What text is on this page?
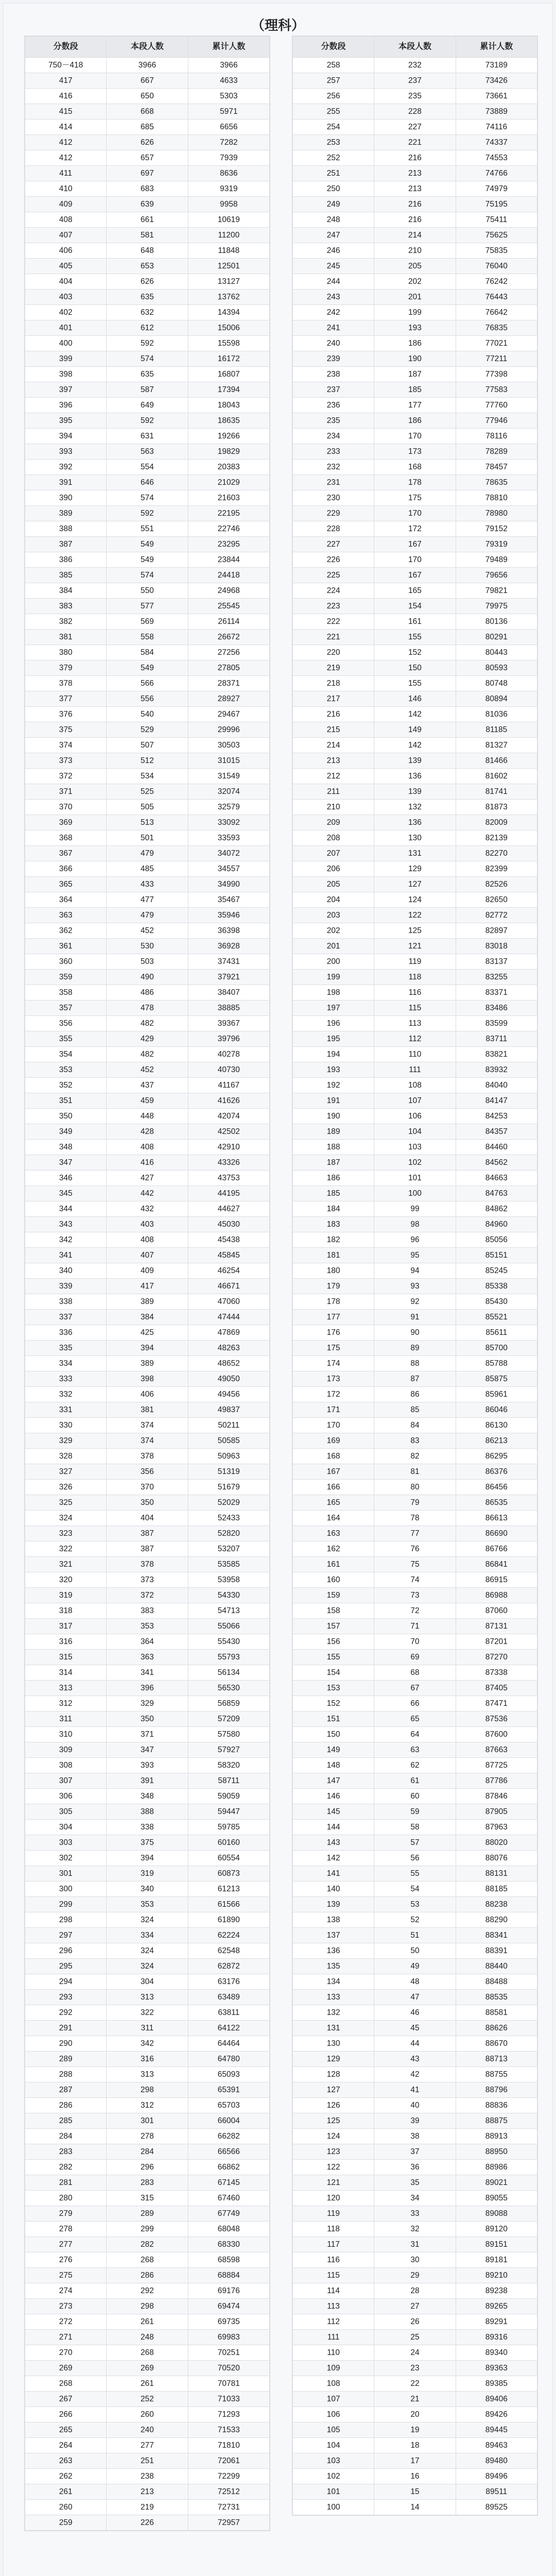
（理科）
分数段	本段人数	累计人数
750－418	3966	3966
417	667	4633
416	650	5303
415	668	5971
414	685	6656
412	626	7282
412	657	7939
411	697	8636
410	683	9319
409	639	9958
408	661	10619
407	581	11200
406	648	11848
405	653	12501
404	626	13127
403	635	13762
402	632	14394
401	612	15006
400	592	15598
399	574	16172
398	635	16807
397	587	17394
396	649	18043
395	592	18635
394	631	19266
393	563	19829
392	554	20383
391	646	21029
390	574	21603
389	592	22195
388	551	22746
387	549	23295
386	549	23844
385	574	24418
384	550	24968
383	577	25545
382	569	26114
381	558	26672
380	584	27256
379	549	27805
378	566	28371
377	556	28927
376	540	29467
375	529	29996
374	507	30503
373	512	31015
372	534	31549
371	525	32074
370	505	32579
369	513	33092
368	501	33593
367	479	34072
366	485	34557
365	433	34990
364	477	35467
363	479	35946
362	452	36398
361	530	36928
360	503	37431
359	490	37921
358	486	38407
357	478	38885
356	482	39367
355	429	39796
354	482	40278
353	452	40730
352	437	41167
351	459	41626
350	448	42074
349	428	42502
348	408	42910
347	416	43326
346	427	43753
345	442	44195
344	432	44627
343	403	45030
342	408	45438
341	407	45845
340	409	46254
339	417	46671
338	389	47060
337	384	47444
336	425	47869
335	394	48263
334	389	48652
333	398	49050
332	406	49456
331	381	49837
330	374	50211
329	374	50585
328	378	50963
327	356	51319
326	370	51679
325	350	52029
324	404	52433
323	387	52820
322	387	53207
321	378	53585
320	373	53958
319	372	54330
318	383	54713
317	353	55066
316	364	55430
315	363	55793
314	341	56134
313	396	56530
312	329	56859
311	350	57209
310	371	57580
309	347	57927
308	393	58320
307	391	58711
306	348	59059
305	388	59447
304	338	59785
303	375	60160
302	394	60554
301	319	60873
300	340	61213
299	353	61566
298	324	61890
297	334	62224
296	324	62548
295	324	62872
294	304	63176
293	313	63489
292	322	63811
291	311	64122
290	342	64464
289	316	64780
288	313	65093
287	298	65391
286	312	65703
285	301	66004
284	278	66282
283	284	66566
282	296	66862
281	283	67145
280	315	67460
279	289	67749
278	299	68048
277	282	68330
276	268	68598
275	286	68884
274	292	69176
273	298	69474
272	261	69735
271	248	69983
270	268	70251
269	269	70520
268	261	70781
267	252	71033
266	260	71293
265	240	71533
264	277	71810
263	251	72061
262	238	72299
261	213	72512
260	219	72731
259	226	72957
分数段	本段人数	累计人数
258	232	73189
257	237	73426
256	235	73661
255	228	73889
254	227	74116
253	221	74337
252	216	74553
251	213	74766
250	213	74979
249	216	75195
248	216	75411
247	214	75625
246	210	75835
245	205	76040
244	202	76242
243	201	76443
242	199	76642
241	193	76835
240	186	77021
239	190	77211
238	187	77398
237	185	77583
236	177	77760
235	186	77946
234	170	78116
233	173	78289
232	168	78457
231	178	78635
230	175	78810
229	170	78980
228	172	79152
227	167	79319
226	170	79489
225	167	79656
224	165	79821
223	154	79975
222	161	80136
221	155	80291
220	152	80443
219	150	80593
218	155	80748
217	146	80894
216	142	81036
215	149	81185
214	142	81327
213	139	81466
212	136	81602
211	139	81741
210	132	81873
209	136	82009
208	130	82139
207	131	82270
206	129	82399
205	127	82526
204	124	82650
203	122	82772
202	125	82897
201	121	83018
200	119	83137
199	118	83255
198	116	83371
197	115	83486
196	113	83599
195	112	83711
194	110	83821
193	111	83932
192	108	84040
191	107	84147
190	106	84253
189	104	84357
188	103	84460
187	102	84562
186	101	84663
185	100	84763
184	99	84862
183	98	84960
182	96	85056
181	95	85151
180	94	85245
179	93	85338
178	92	85430
177	91	85521
176	90	85611
175	89	85700
174	88	85788
173	87	85875
172	86	85961
171	85	86046
170	84	86130
169	83	86213
168	82	86295
167	81	86376
166	80	86456
165	79	86535
164	78	86613
163	77	86690
162	76	86766
161	75	86841
160	74	86915
159	73	86988
158	72	87060
157	71	87131
156	70	87201
155	69	87270
154	68	87338
153	67	87405
152	66	87471
151	65	87536
150	64	87600
149	63	87663
148	62	87725
147	61	87786
146	60	87846
145	59	87905
144	58	87963
143	57	88020
142	56	88076
141	55	88131
140	54	88185
139	53	88238
138	52	88290
137	51	88341
136	50	88391
135	49	88440
134	48	88488
133	47	88535
132	46	88581
131	45	88626
130	44	88670
129	43	88713
128	42	88755
127	41	88796
126	40	88836
125	39	88875
124	38	88913
123	37	88950
122	36	88986
121	35	89021
120	34	89055
119	33	89088
118	32	89120
117	31	89151
116	30	89181
115	29	89210
114	28	89238
113	27	89265
112	26	89291
111	25	89316
110	24	89340
109	23	89363
108	22	89385
107	21	89406
106	20	89426
105	19	89445
104	18	89463
103	17	89480
102	16	89496
101	15	89511
100	14	89525
